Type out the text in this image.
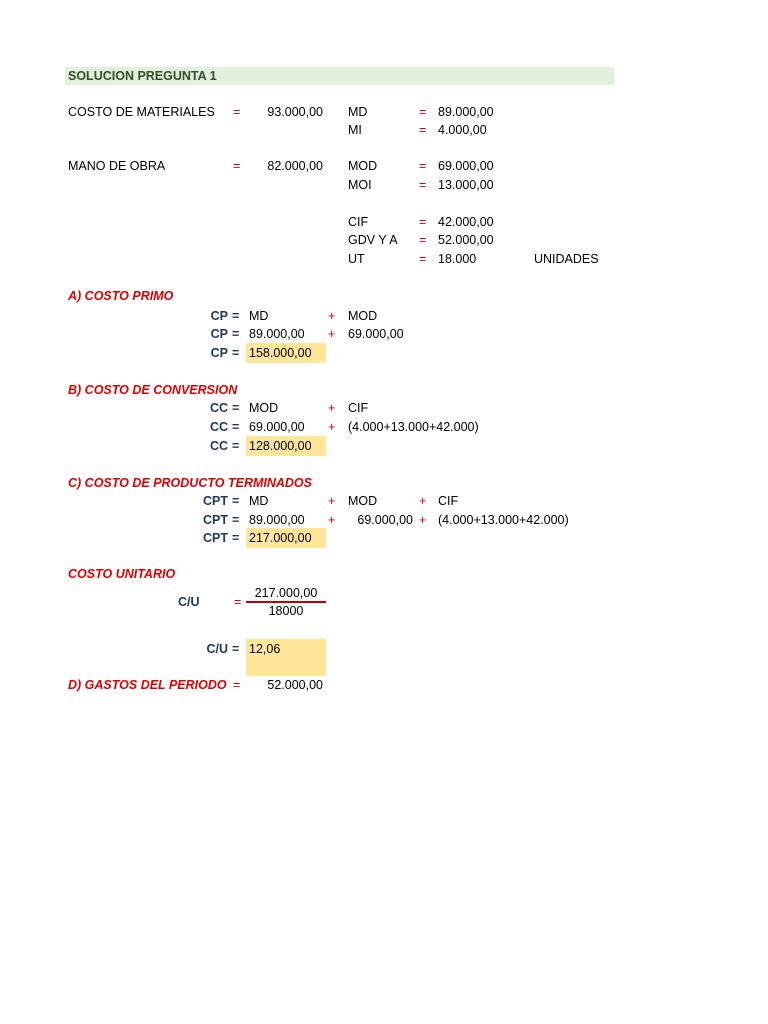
SOLUCION PREGUNTA 1
COSTO DE MATERIALES =	93.000,00 MD	= 89.000,00
MI	= 4.000,00
MANO DE OBRA	=	82.000,00 MOD	= 69.000,00
MOI	= 13.000,00
CIF	= 42.000,00
GDV Y A = 52.000,00
UT	= 18.000	UNIDADES
A) COSTO PRIMO
CP = MD	+ MOD
CP = 89.000,00 + 69.000,00
CP = 158.000,00
B) COSTO DE CONVERSION
CC = MOD	+ CIF
CC = 69.000,00 + (4.000+13.000+42.000)
CC = 128.000,00
C) COSTO DE PRODUCTO TERMINADOS
CPT = MD	+ MOD	+ CIF
CPT = 89.000,00 +	69.000,00 + (4.000+13.000+42.000)
CPT = 217.000,00
COSTO UNITARIO
C/U	=
217.000,00
18000
C/U = 12,06
D) GASTOS DEL PERIODO =	52.000,00
